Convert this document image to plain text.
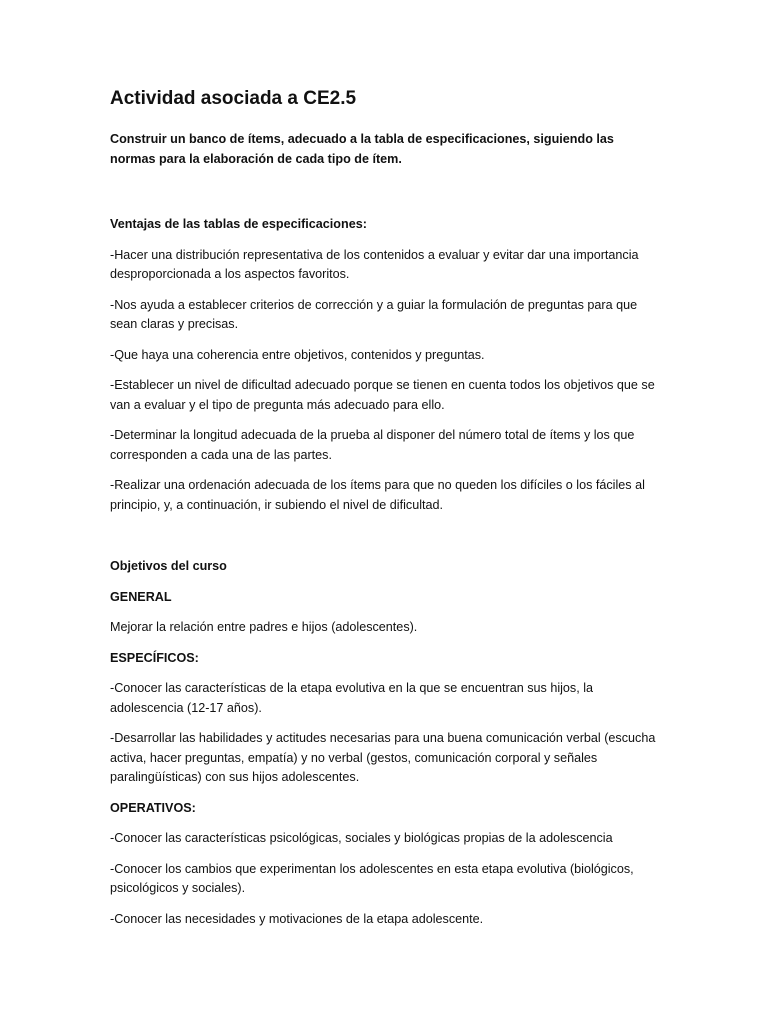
Actividad asociada a CE2.5
Construir un banco de ítems, adecuado a la tabla de especificaciones, siguiendo las normas para la elaboración de cada tipo de ítem.
Ventajas de las tablas de especificaciones:

-Hacer una distribución representativa de los contenidos a evaluar y evitar dar una importancia desproporcionada a los aspectos favoritos.

-Nos ayuda a establecer criterios de corrección y a guiar la formulación de preguntas para que sean claras y precisas.

-Que haya una coherencia entre objetivos, contenidos y preguntas.

-Establecer un nivel de dificultad adecuado porque se tienen en cuenta todos los objetivos que se van a evaluar y el tipo de pregunta más adecuado para ello.

-Determinar la longitud adecuada de la prueba al disponer del número total de ítems y los que corresponden a cada una de las partes.

-Realizar una ordenación adecuada de los ítems para que no queden los difíciles o los fáciles al principio, y, a continuación, ir subiendo el nivel de dificultad.

Objetivos del curso
GENERAL

Mejorar la relación entre padres e hijos (adolescentes).

ESPECÍFICOS:

-Conocer las características de la etapa evolutiva en la que se encuentran sus hijos, la adolescencia (12-17 años).

-Desarrollar las habilidades y actitudes necesarias para una buena comunicación verbal (escucha activa, hacer preguntas, empatía) y no verbal (gestos, comunicación corporal y señales paralingüísticas) con sus hijos adolescentes.

OPERATIVOS:

-Conocer las características psicológicas, sociales y biológicas propias de la adolescencia

-Conocer los cambios que experimentan los adolescentes en esta etapa evolutiva (biológicos, psicológicos y sociales).

-Conocer las necesidades y motivaciones de la etapa adolescente.
